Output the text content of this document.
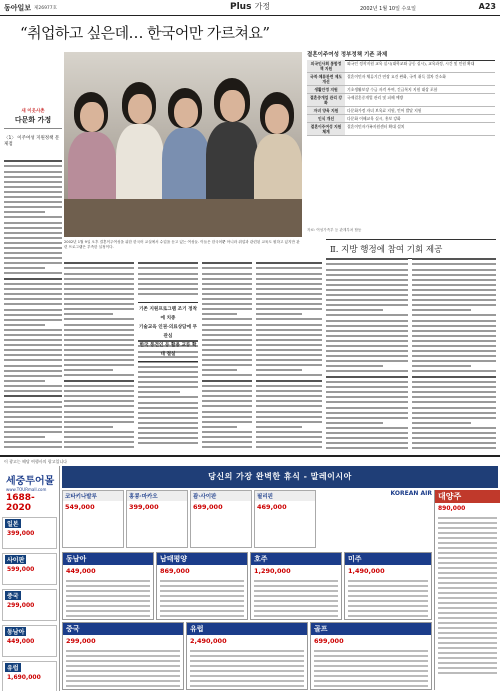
동아일보 제26977호	Plus 가정	2002년 1월 10일 수요일	A23
“취업하고 싶은데… 한국어만 가르쳐요”
새 이웃사촌
다문화 가정
〈1〉 이주여성 지원정책 문제점
2002년 1월 9일 오후 결혼이주여성을 위한 한국어 교실에서 수업을 듣고 있는 여성들. 이들은 한국어뿐 아니라 취업과 관련된 교육도 원하고 있지만 관련 프로그램은 부족한 실정이다.
결혼이주여성 정부정책 기존 과제
외국인사회 통합정책 지원	외국인 정착지원 교육 실시(대학교와 공동 실시), 교육과정, 시간 및 인원 확대
국적·체류관련 제도 개선	결혼이민자 체류기간 연장 요건 완화, 국적 취득 절차 간소화
생활안정 지원	기초생활보장 수급 자격 부여, 긴급복지 지원 대상 포함
결혼중개업 관리 강화	국제결혼중개업 관리 및 피해 예방
자녀 양육 지원	다문화가정 자녀 보육료 지원, 언어 발달 지원
인식 개선	다문화 이해교육 실시, 홍보 강화
결혼이주여성 지원 체계	결혼이민자가족지원센터 확대 설치
자료: 여성가족부 등 관계부처 합동
Ⅱ. 지방 행정에 참여 기회 제공
기존 지원프로그램 조기 정착에 치중
기술교육 인권·의료상담에 무관심
한국 풍견인 등 활용 교류 확대 절실
이 광고는 해당 여행사의 광고입니다
세중투어몰
www.TOURmall.com
1688-2020
일본
399,000
사이판
599,000
중국
299,000
동남아
449,000
유럽
1,690,000
당신의 가장 완벽한 휴식 - 말레이시아
KOREAN AIR
코타키나발루
549,000
홍콩·마카오
399,000
괌·사이판
699,000
필리핀
469,000
동남아
449,000
남태평양
869,000
호주
1,290,000
미주
1,490,000
중국
299,000
유럽
2,490,000
골프
699,000
대양주
890,000
